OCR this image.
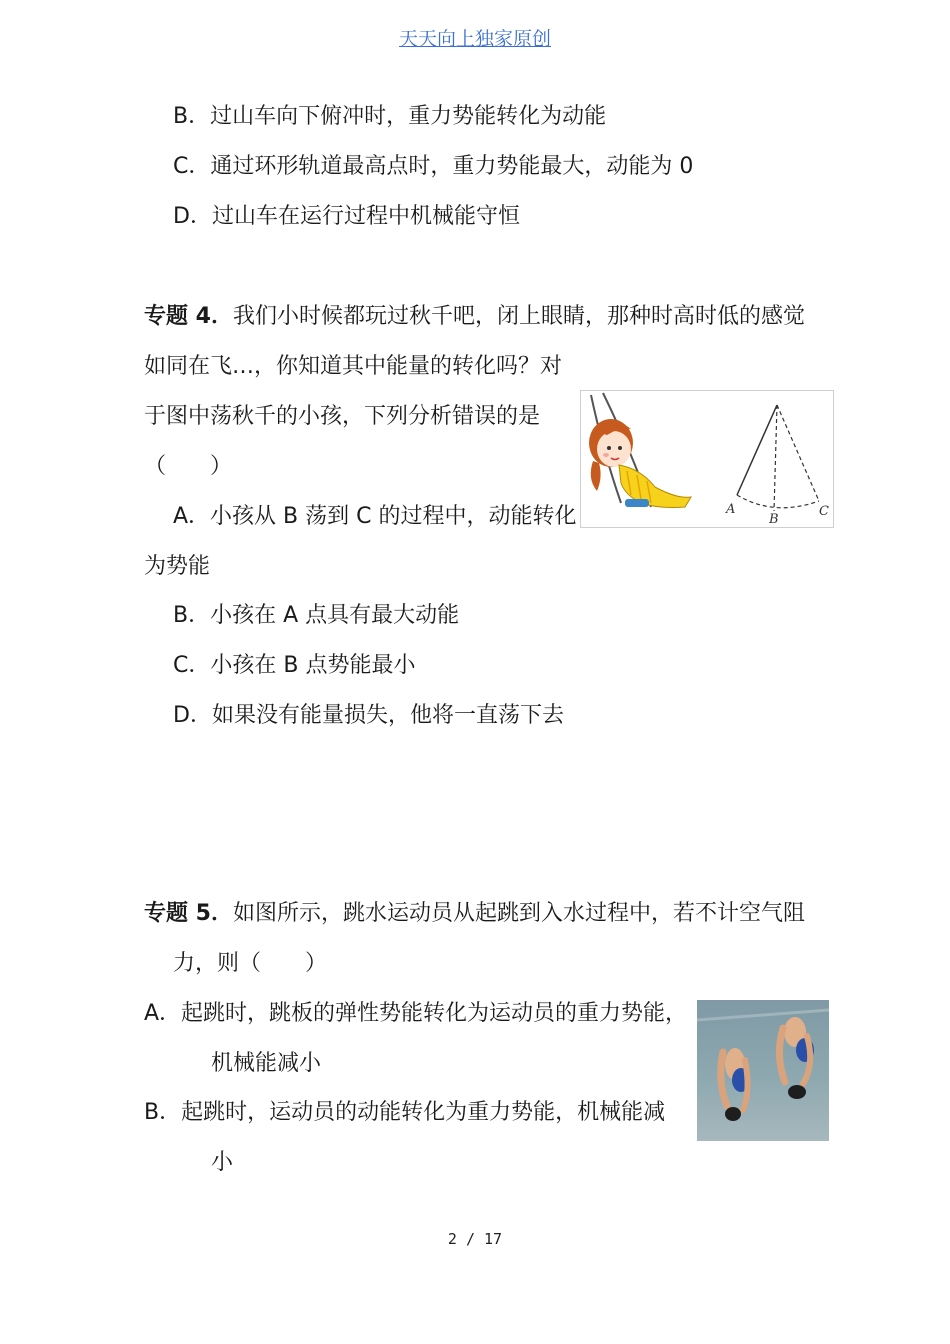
天天向上独家原创
B．过山车向下俯冲时，重力势能转化为动能
C．通过环形轨道最高点时，重力势能最大，动能为 0
D．过山车在运行过程中机械能守恒
专题 4．我们小时候都玩过秋千吧，闭上眼睛，那种时高时低的感觉
如同在飞…，你知道其中能量的转化吗？对
于图中荡秋千的小孩，下列分析错误的是
（　　）
A．小孩从 B 荡到 C 的过程中，动能转化
为势能
B．小孩在 A 点具有最大动能
C．小孩在 B 点势能最小
D．如果没有能量损失，他将一直荡下去
A
B
C
专题 5．如图所示，跳水运动员从起跳到入水过程中，若不计空气阻
力，则（　　）
A．起跳时，跳板的弹性势能转化为运动员的重力势能，
机械能减小
B．起跳时，运动员的动能转化为重力势能，机械能减
小
2 / 17
